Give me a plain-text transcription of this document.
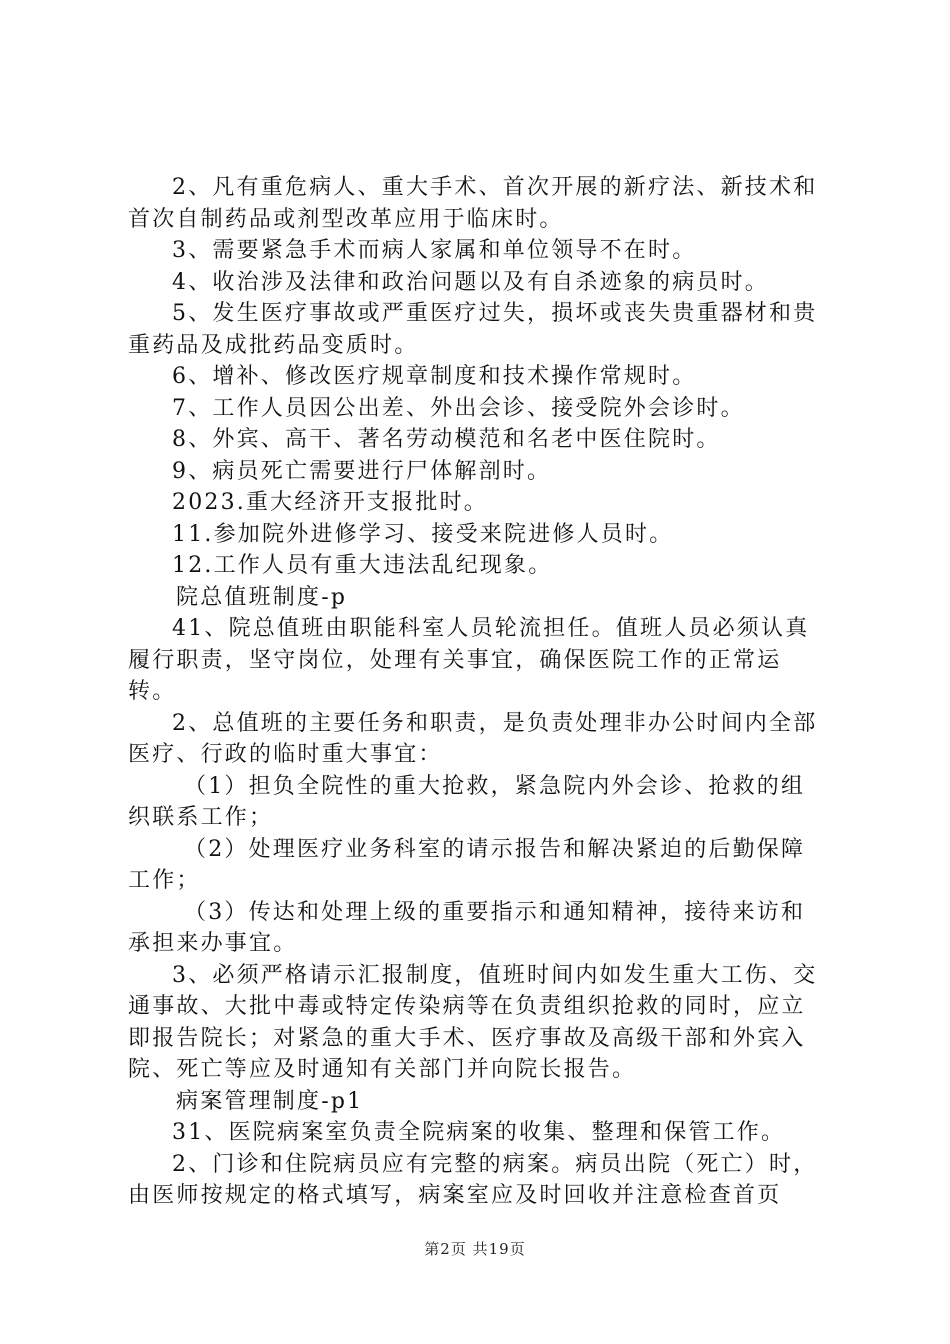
2、凡有重危病人、重大手术、首次开展的新疗法、新技术和首次自制药品或剂型改革应用于临床时。

3、需要紧急手术而病人家属和单位领导不在时。

4、收治涉及法律和政治问题以及有自杀迹象的病员时。

5、发生医疗事故或严重医疗过失，损坏或丧失贵重器材和贵重药品及成批药品变质时。

6、增补、修改医疗规章制度和技术操作常规时。

7、工作人员因公出差、外出会诊、接受院外会诊时。

8、外宾、高干、著名劳动模范和名老中医住院时。

9、病员死亡需要进行尸体解剖时。

2023.重大经济开支报批时。

11.参加院外进修学习、接受来院进修人员时。

12.工作人员有重大违法乱纪现象。

院总值班制度-p

41、院总值班由职能科室人员轮流担任。值班人员必须认真履行职责，坚守岗位，处理有关事宜，确保医院工作的正常运转。

2、总值班的主要任务和职责，是负责处理非办公时间内全部医疗、行政的临时重大事宜：

（1）担负全院性的重大抢救，紧急院内外会诊、抢救的组织联系工作；

（2）处理医疗业务科室的请示报告和解决紧迫的后勤保障工作；

（3）传达和处理上级的重要指示和通知精神，接待来访和承担来办事宜。

3、必须严格请示汇报制度，值班时间内如发生重大工伤、交通事故、大批中毒或特定传染病等在负责组织抢救的同时，应立即报告院长；对紧急的重大手术、医疗事故及高级干部和外宾入院、死亡等应及时通知有关部门并向院长报告。

病案管理制度-p1

31、医院病案室负责全院病案的收集、整理和保管工作。

2、门诊和住院病员应有完整的病案。病员出院（死亡）时，由医师按规定的格式填写，病案室应及时回收并注意检查首页

第2页 共19页
